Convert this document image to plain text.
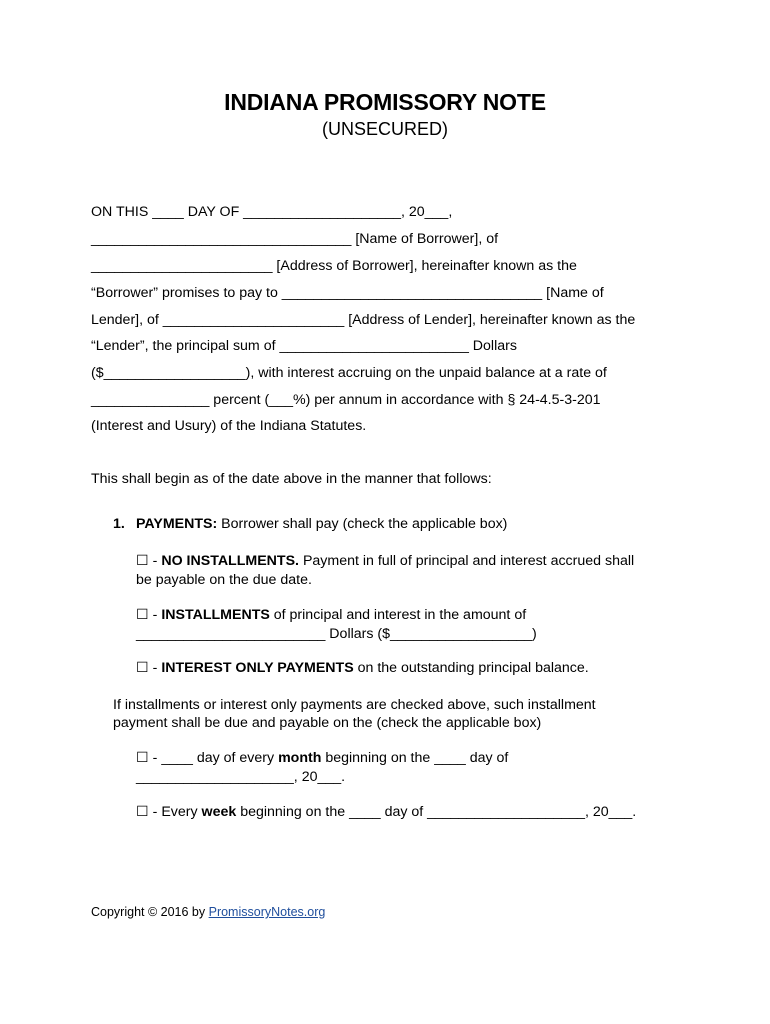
INDIANA PROMISSORY NOTE
(UNSECURED)
ON THIS ____ DAY OF ____________________, 20___,
_________________________________ [Name of Borrower], of
_______________________ [Address of Borrower], hereinafter known as the
“Borrower” promises to pay to _________________________________ [Name of
Lender], of _______________________ [Address of Lender], hereinafter known as the
“Lender”, the principal sum of ________________________ Dollars
($__________________), with interest accruing on the unpaid balance at a rate of
_______________ percent (___%) per annum in accordance with § 24-4.5-3-201
(Interest and Usury) of the Indiana Statutes.
This shall begin as of the date above in the manner that follows:
1. PAYMENTS: Borrower shall pay (check the applicable box)
☐ - NO INSTALLMENTS. Payment in full of principal and interest accrued shall
be payable on the due date.
☐ - INSTALLMENTS of principal and interest in the amount of
________________________ Dollars ($__________________)
☐ - INTEREST ONLY PAYMENTS on the outstanding principal balance.
If installments or interest only payments are checked above, such installment
payment shall be due and payable on the (check the applicable box)
☐ - ____ day of every month beginning on the ____ day of
____________________, 20___.
☐ - Every week beginning on the ____ day of ____________________, 20___.
Copyright © 2016 by PromissoryNotes.org
